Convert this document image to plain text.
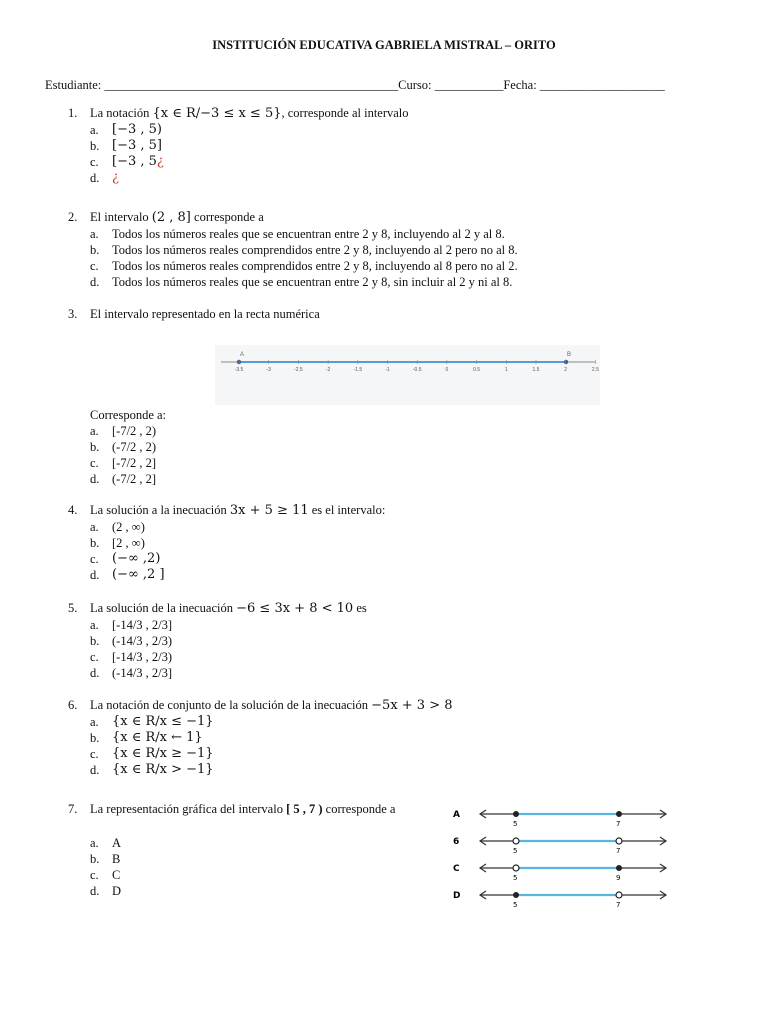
INSTITUCIÓN EDUCATIVA GABRIELA MISTRAL – ORITO
Estudiante: _______________________________________________Curso: ___________Fecha: ____________________
1. La notación {x ∈ R/−3 ≤ x ≤ 5}, corresponde al intervalo
a. [−3 , 5)
b. [−3 , 5]
c. [−3 , 5¿
d. ¿
2. El intervalo (2 , 8] corresponde a
a. Todos los números reales que se encuentran entre 2 y 8, incluyendo al 2 y al 8.
b. Todos los números reales comprendidos entre 2 y 8, incluyendo al 2 pero no al 8.
c. Todos los números reales comprendidos entre 2 y 8, incluyendo al 8 pero no al 2.
d. Todos los números reales que se encuentran entre 2 y 8, sin incluir al 2 y ni al 8.
3. El intervalo representado en la recta numérica
A	B
-3.5	-3	-2.5	-2	-1.5	-1	-0.5	0	0.5	1	1.5	2	2.5
Corresponde a:
a. [-7/2 , 2)
b. (-7/2 , 2)
c. [-7/2 , 2]
d. (-7/2 , 2]
4. La solución a la inecuación 3x + 5 ≥ 11 es el intervalo:
a. (2 , ∞)
b. [2 , ∞)
c. (−∞ ,2)
d. (−∞ ,2 ]
5. La solución de la inecuación −6 ≤ 3x + 8 < 10 es
a. [-14/3 , 2/3]
b. (-14/3 , 2/3)
c. [-14/3 , 2/3)
d. (-14/3 , 2/3]
6. La notación de conjunto de la solución de la inecuación −5x + 3 > 8
a. {x ∈ R/x ≤ −1}
b. {x ∈ R/x ← 1}
c. {x ∈ R/x ≥ −1}
d. {x ∈ R/x > −1}
7. La representación gráfica del intervalo [ 5 , 7 ) corresponde a
a. A
b. B
c. C
d. D
A
5	7
6
5	7
C
5	9
D
5	7
